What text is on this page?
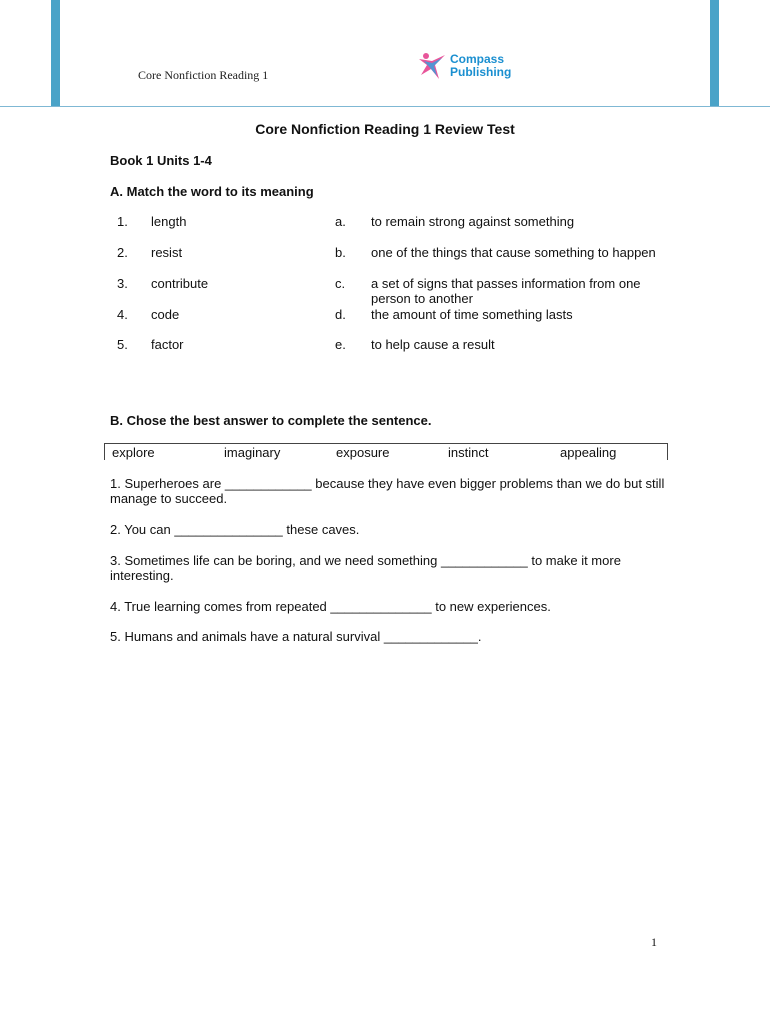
Core Nonfiction Reading 1
Compass
Publishing
Core Nonfiction Reading 1 Review Test
Book 1 Units 1-4
A. Match the word to its meaning
1. length	a. to remain strong against something
2. resist	b. one of the things that cause something to happen
3. contribute	c. a set of signs that passes information from one person to another
4. code	d. the amount of time something lasts
5. factor	e. to help cause a result
B. Chose the best answer to complete the sentence.
explore	imaginary	exposure	instinct	appealing
1. Superheroes are ____________ because they have even bigger problems than we do but still manage to succeed.
2. You can _______________ these caves.
3. Sometimes life can be boring, and we need something ____________ to make it more interesting.
4. True learning comes from repeated ______________ to new experiences.
5. Humans and animals have a natural survival _____________.
1
